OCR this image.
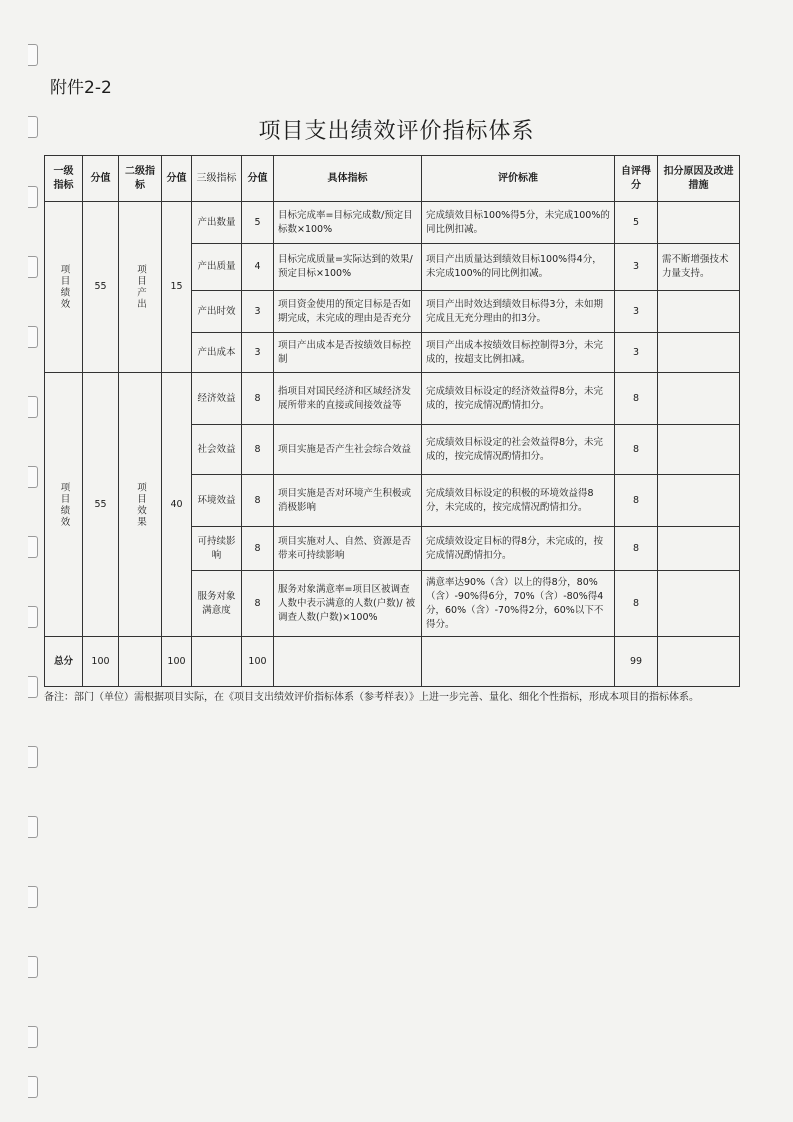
附件2-2
项目支出绩效评价指标体系
一级指标	分值	二级指标	分值	三级指标	分值	具体指标	评价标准	自评得分	扣分原因及改进措施

项目绩效	55	项目产出	15	产出数量	5	目标完成率=目标完成数/预定目标数×100%	完成绩效目标100%得5分，未完成100%的同比例扣减。	5	
				产出质量	4	目标完成质量=实际达到的效果/预定目标×100%	项目产出质量达到绩效目标100%得4分，未完成100%的同比例扣减。	3	需不断增强技术力量支持。
				产出时效	3	项目资金使用的预定目标是否如期完成，未完成的理由是否充分	项目产出时效达到绩效目标得3分，未如期完成且无充分理由的扣3分。	3	
				产出成本	3	项目产出成本是否按绩效目标控制	项目产出成本按绩效目标控制得3分，未完成的，按超支比例扣减。	3	

项目绩效	55	项目效果	40	经济效益	8	指项目对国民经济和区域经济发展所带来的直接或间接效益等	完成绩效目标设定的经济效益得8分，未完成的，按完成情况酌情扣分。	8	
				社会效益	8	项目实施是否产生社会综合效益	完成绩效目标设定的社会效益得8分，未完成的，按完成情况酌情扣分。	8	
				环境效益	8	项目实施是否对环境产生积极或消极影响	完成绩效目标设定的积极的环境效益得8分，未完成的，按完成情况酌情扣分。	8	
				可持续影响	8	项目实施对人、自然、资源是否带来可持续影响	完成绩效设定目标的得8分，未完成的，按完成情况酌情扣分。	8	
				服务对象满意度	8	服务对象满意率=项目区被调查人数中表示满意的人数(户数)/ 被调查人数(户数)×100%	满意率达90%（含）以上的得8分，80%（含）-90%得6分，70%（含）-80%得4分，60%（含）-70%得2分，60%以下不得分。	8	
总分	100		100		100			99	
备注：部门（单位）需根据项目实际，在《项目支出绩效评价指标体系（参考样表）》上进一步完善、量化、细化个性指标，形成本项目的指标体系。
